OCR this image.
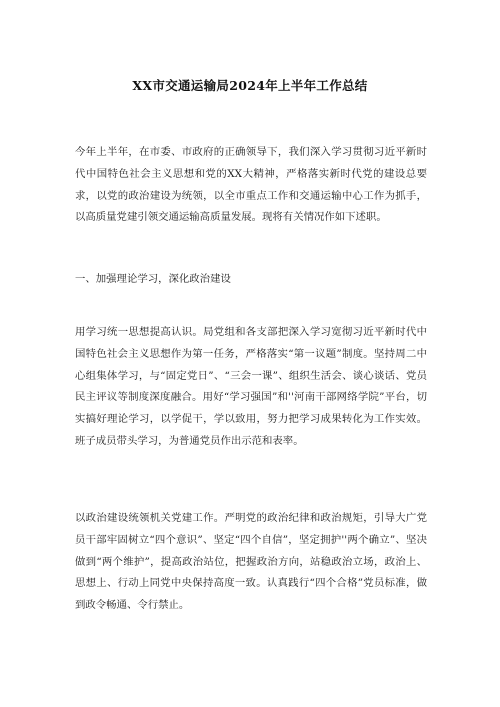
XX市交通运输局2024年上半年工作总结

今年上半年，在市委、市政府的正确领导下，我们深入学习贯彻习近平新时代中国特色社会主义思想和党的XX大精神，严格落实新时代党的建设总要求，以党的政治建设为统领，以全市重点工作和交通运输中心工作为抓手，以高质量党建引领交通运输高质量发展。现将有关情况作如下述职。

一、加强理论学习，深化政治建设

用学习统一思想提高认识。局党组和各支部把深入学习宽彻习近平新时代中国特色社会主义思想作为第一任务，严格落实“第一议题”制度。坚持周二中心组集体学习，与“固定党日”、“三会一课”、组织生活会、谈心谈话、党员民主评议等制度深度融合。用好“学习强国”和''河南干部网络学院”平台，切实搞好理论学习，以学促干，学以致用，努力把学习成果转化为工作实效。班子成员带头学习，为普通党员作出示范和表率。

以政治建设统领机关党建工作。严明党的政治纪律和政治规矩，引导大广党员干部牢固树立“四个意识”、坚定“四个自信”，坚定拥护''两个确立”、坚决做到“两个维护”，提高政治站位，把握政治方向，站稳政治立场，政治上、思想上、行动上同党中央保持高度一致。认真践行“四个合格”党员标准，做到政令畅通、令行禁止。
